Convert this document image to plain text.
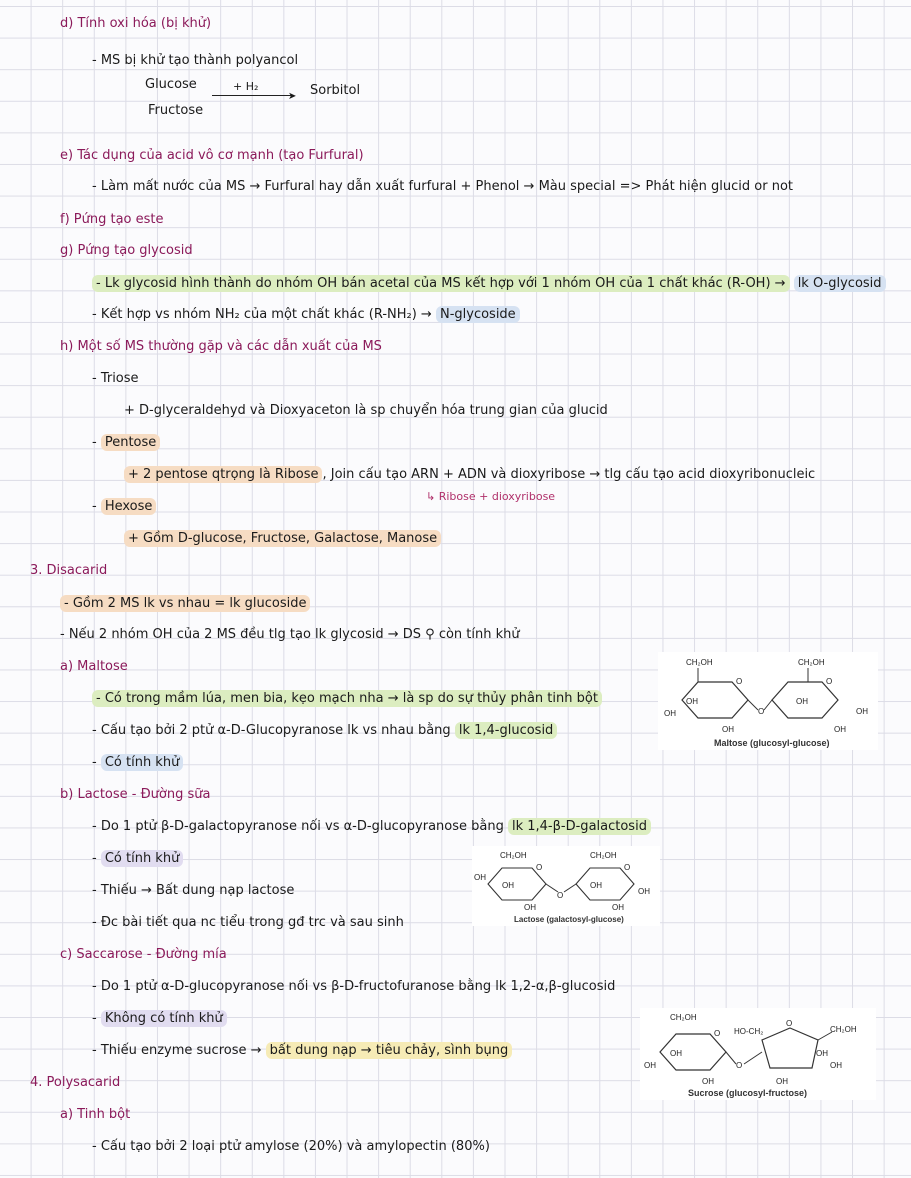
d) Tính oxi hóa (bị khử)
- MS bị khử tạo thành polyancol
Glucose
Fructose
+ H₂
➤ Sorbitol
e) Tác dụng của acid vô cơ mạnh (tạo Furfural)
- Làm mất nước của MS → Furfural hay dẫn xuất furfural + Phenol → Màu special => Phát hiện glucid or not
f) Pứng tạo este
g) Pứng tạo glycosid
- Lk glycosid hình thành do nhóm OH bán acetal của MS kết hợp với 1 nhóm OH của 1 chất khác (R-OH) → lk O-glycosid
- Kết hợp vs nhóm NH₂ của một chất khác (R-NH₂) → N-glycoside
h) Một số MS thường gặp và các dẫn xuất của MS
- Triose
+ D-glyceraldehyd và Dioxyaceton là sp chuyển hóa trung gian của glucid
- Pentose
+ 2 pentose qtrọng là Ribose , Join cấu tạo ARN + ADN và dioxyribose → tlg cấu tạo acid dioxyribonucleic
↳ Ribose + dioxyribose
- Hexose
+ Gồm D-glucose, Fructose, Galactose, Manose
3. Disacarid
- Gồm 2 MS lk vs nhau = lk glucoside
- Nếu 2 nhóm OH của 2 MS đều tlg tạo lk glycosid → DS ⚲ còn tính khử
a) Maltose
- Có trong mầm lúa, men bia, kẹo mạch nha → là sp do sự thủy phân tinh bột
- Cấu tạo bởi 2 ptử α-D-Glucopyranose lk vs nhau bằng lk 1,4-glucosid
- Có tính khử
b) Lactose - Đường sữa
- Do 1 ptử β-D-galactopyranose nối vs α-D-glucopyranose bằng lk 1,4-β-D-galactosid
- Có tính khử
- Thiếu → Bất dung nạp lactose
- Đc bài tiết qua nc tiểu trong gđ trc và sau sinh
c) Saccarose - Đường mía
- Do 1 ptử α-D-glucopyranose nối vs β-D-fructofuranose bằng lk 1,2-α,β-glucosid
- Không có tính khử
- Thiếu enzyme sucrose → bất dung nạp → tiêu chảy, sình bụng
4. Polysacarid
a) Tinh bột
- Cấu tạo bởi 2 loại ptử amylose (20%) và amylopectin (80%)
CH₂OH	CH₂OH
O	O
O
OH
OH
OH
OH
OH
OH
Maltose (glucosyl-glucose)
CH₂OH	CH₂OH
O	O
O
OH
OH
OH
OH
OH
OH
Lactose (galactosyl-glucose)
CH₂OH
CH₂OH
HO-CH₂
O
O
O
OH
OH
OH	OH
OH
OH
Sucrose (glucosyl-fructose)
